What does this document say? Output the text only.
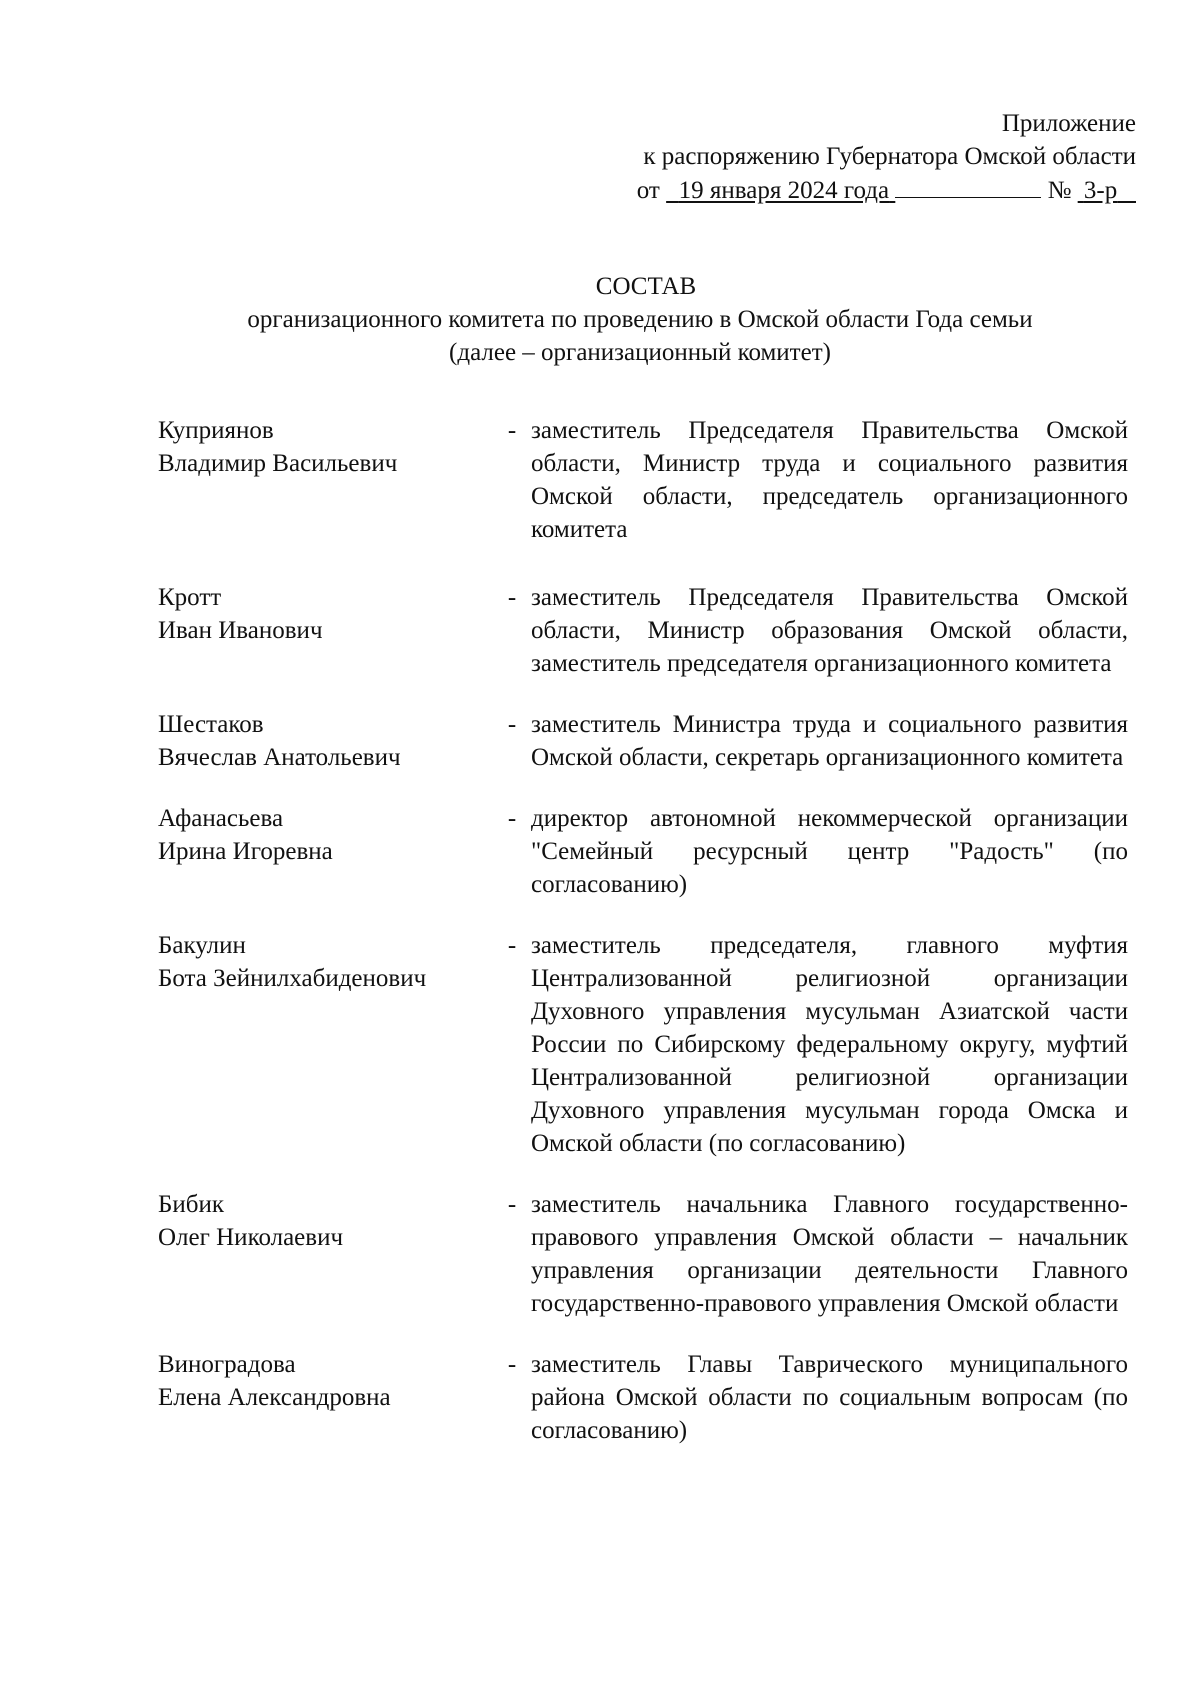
Приложение
к распоряжению Губернатора Омской области
от 19 января 2024 года	№ 3-р
СОСТАВ
организационного комитета по проведению в Омской области Года семьи
(далее – организационный комитет)
Куприянов
Владимир Васильевич
- заместитель Председателя Правительства Омской области, Министр труда и социального развития Омской области, председатель организационного комитета
Кротт
Иван Иванович
- заместитель Председателя Правительства Омской области, Министр образования Омской области, заместитель председателя организационного комитета
Шестаков
Вячеслав Анатольевич
- заместитель Министра труда и социального развития Омской области, секретарь организационного комитета
Афанасьева
Ирина Игоревна
- директор автономной некоммерческой организации "Семейный ресурсный центр "Радость" (по согласованию)
Бакулин
Бота Зейнилхабиденович
- заместитель председателя, главного муфтия Централизованной религиозной организации Духовного управления мусульман Азиатской части России по Сибирскому федеральному округу, муфтий Централизованной религиозной организации Духовного управления мусульман города Омска и Омской области (по согласованию)
Бибик
Олег Николаевич
- заместитель начальника Главного государственно-правового управления Омской области – начальник управления организации деятельности Главного государственно-правового управления Омской области
Виноградова
Елена Александровна
- заместитель Главы Таврического муниципального района Омской области по социальным вопросам (по согласованию)
